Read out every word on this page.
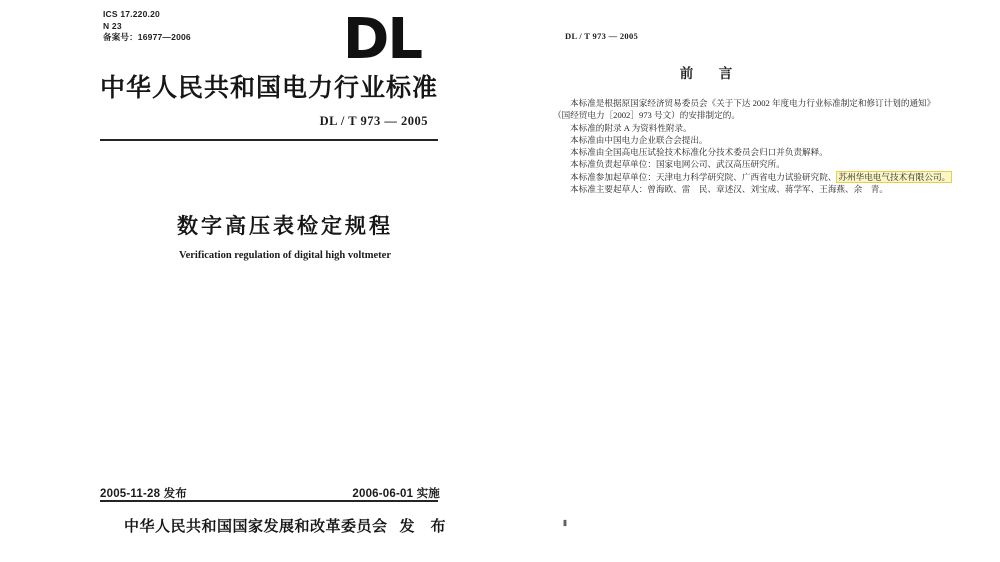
ICS 17.220.20
N 23
备案号：16977—2006	DL
中华人民共和国电力行业标准
DL / T 973 — 2005
数字高压表检定规程
Verification regulation of digital high voltmeter
2005-11-28 发布	2006-06-01 实施
中华人民共和国国家发展和改革委员会 发　布
DL / T 973 — 2005
前　言
本标准是根据原国家经济贸易委员会《关于下达 2002 年度电力行业标准制定和修订计划的通知》
（国经贸电力［2002］973 号文）的安排制定的。
本标准的附录 A 为资料性附录。
本标准由中国电力企业联合会提出。
本标准由全国高电压试验技术标准化分技术委员会归口并负责解释。
本标准负责起草单位：国家电网公司、武汉高压研究所。
本标准参加起草单位：天津电力科学研究院、广西省电力试验研究院、 苏州华电电气技术有限公司。
本标准主要起草人：曾海欧、雷　民、章述汉、刘宝成、蒋学军、王海燕、余　青。
Ⅱ
